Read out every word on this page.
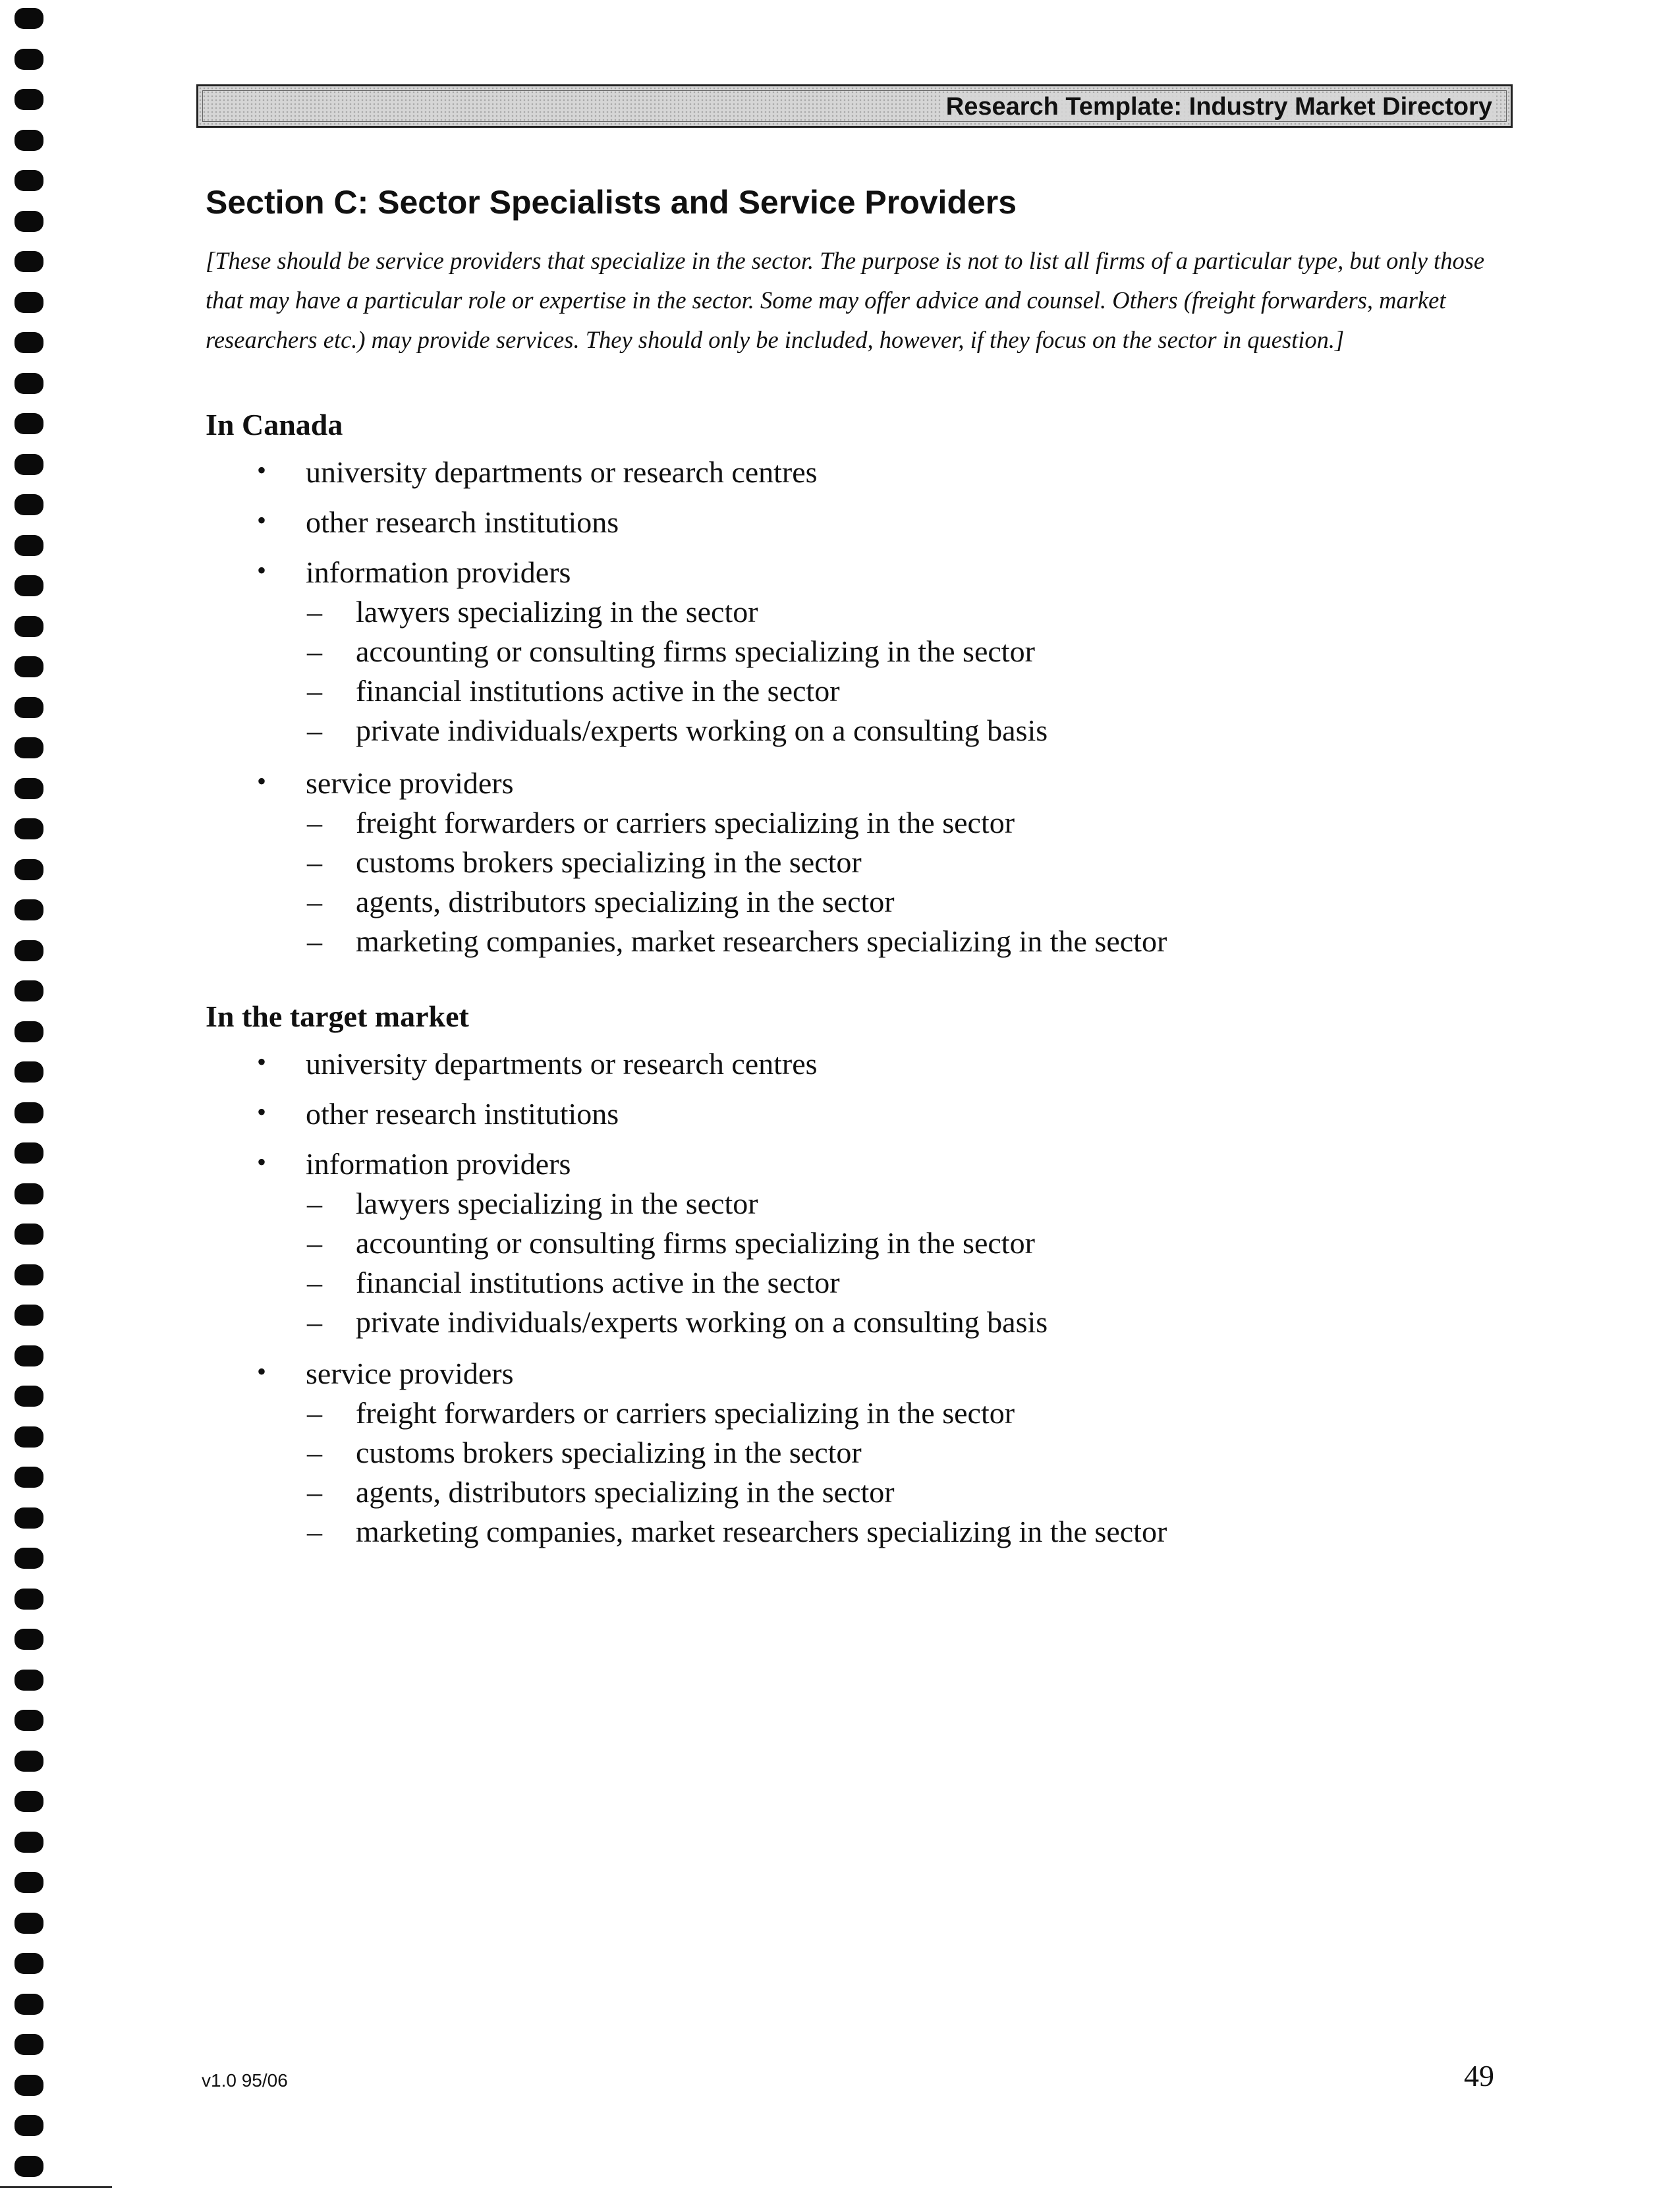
Research Template: Industry Market Directory
Section C: Sector Specialists and Service Providers

[These should be service providers that specialize in the sector. The purpose is not to list all firms of a particular type, but only those that may have a particular role or expertise in the sector. Some may offer advice and counsel. Others (freight forwarders, market researchers etc.) may provide services. They should only be included, however, if they focus on the sector in question.]

In Canada
• university departments or research centres
• other research institutions
• information providers
– lawyers specializing in the sector
– accounting or consulting firms specializing in the sector
– financial institutions active in the sector
– private individuals/experts working on a consulting basis
• service providers
– freight forwarders or carriers specializing in the sector
– customs brokers specializing in the sector
– agents, distributors specializing in the sector
– marketing companies, market researchers specializing in the sector
In the target market
• university departments or research centres
• other research institutions
• information providers
– lawyers specializing in the sector
– accounting or consulting firms specializing in the sector
– financial institutions active in the sector
– private individuals/experts working on a consulting basis
• service providers
– freight forwarders or carriers specializing in the sector
– customs brokers specializing in the sector
– agents, distributors specializing in the sector
– marketing companies, market researchers specializing in the sector
v1.0 95/06	49
